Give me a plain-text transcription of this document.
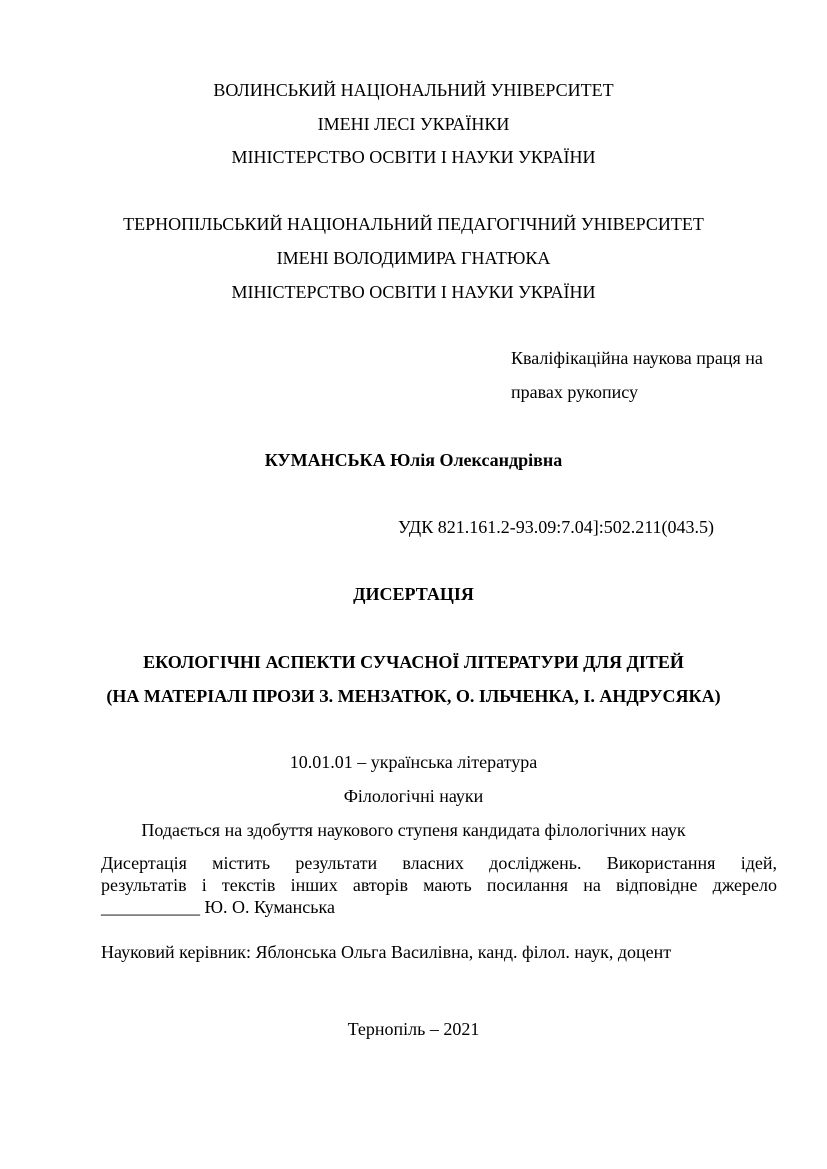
ВОЛИНСЬКИЙ НАЦІОНАЛЬНИЙ УНІВЕРСИТЕТ
ІМЕНІ ЛЕСІ УКРАЇНКИ
МІНІСТЕРСТВО ОСВІТИ І НАУКИ УКРАЇНИ
ТЕРНОПІЛЬСЬКИЙ НАЦІОНАЛЬНИЙ ПЕДАГОГІЧНИЙ УНІВЕРСИТЕТ
ІМЕНІ ВОЛОДИМИРА ГНАТЮКА
МІНІСТЕРСТВО ОСВІТИ І НАУКИ УКРАЇНИ
Кваліфікаційна наукова праця на
правах рукопису
КУМАНСЬКА Юлія Олександрівна
УДК 821.161.2-93.09:7.04]:502.211(043.5)
ДИСЕРТАЦІЯ
ЕКОЛОГІЧНІ АСПЕКТИ СУЧАСНОЇ ЛІТЕРАТУРИ ДЛЯ ДІТЕЙ
(НА МАТЕРІАЛІ ПРОЗИ З. МЕНЗАТЮК, О. ІЛЬЧЕНКА, І. АНДРУСЯКА)
10.01.01 – українська література
Філологічні науки
Подається на здобуття наукового ступеня кандидата філологічних наук
Дисертація містить результати власних досліджень. Використання ідей,
результатів і текстів інших авторів мають посилання на відповідне джерело
___________ Ю. О. Куманська
Науковий керівник: Яблонська Ольга Василівна, канд. філол. наук, доцент
Тернопіль – 2021
